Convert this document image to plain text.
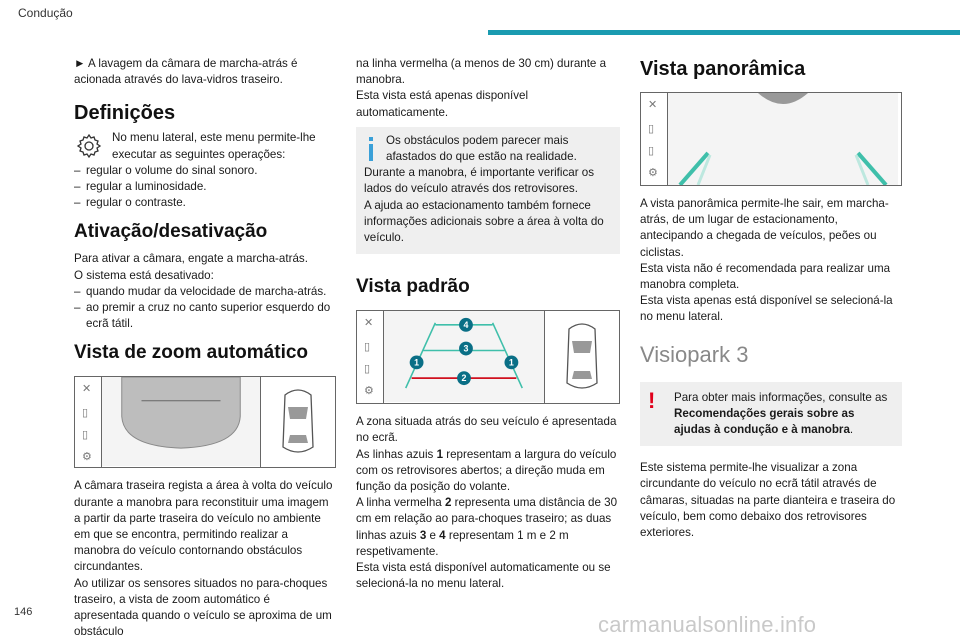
Condução

► A lavagem da câmara de marcha-atrás é acionada através do lava-vidros traseiro.

Definições

No menu lateral, este menu permite-lhe executar as seguintes operações:

– regular o volume do sinal sonoro.
– regular a luminosidade.
– regular o contraste.
Ativação/desativação

Para ativar a câmara, engate a marcha-atrás.

O sistema está desativado:

– quando mudar da velocidade de marcha-atrás.
– ao premir a cruz no canto superior esquerdo do ecrã tátil.
Vista de zoom automático
✕
▯
▯
⚙

A câmara traseira regista a área à volta do veículo durante a manobra para reconstituir uma imagem a partir da parte traseira do veículo no ambiente em que se encontra, permitindo realizar a manobra do veículo contornando obstáculos circundantes.

Ao utilizar os sensores situados no para-choques traseiro, a vista de zoom automático é apresentada quando o veículo se aproxima de um obstáculo

na linha vermelha (a menos de 30 cm) durante a manobra.

Esta vista está apenas disponível automaticamente.

Os obstáculos podem parecer mais afastados do que estão na realidade.

Durante a manobra, é importante verificar os lados do veículo através dos retrovisores.

A ajuda ao estacionamento também fornece informações adicionais sobre a área à volta do veículo.

Vista padrão
✕
▯
▯
⚙
4
3
1	1
2

A zona situada atrás do seu veículo é apresentada no ecrã.

As linhas azuis 1 representam a largura do veículo com os retrovisores abertos; a direção muda em função da posição do volante.

A linha vermelha 2 representa uma distância de 30 cm em relação ao para-choques traseiro; as duas linhas azuis 3 e 4 representam 1 m e 2 m respetivamente.

Esta vista está disponível automaticamente ou se selecioná-la no menu lateral.

Vista panorâmica
✕
▯
▯
⚙

A vista panorâmica permite-lhe sair, em marcha-atrás, de um lugar de estacionamento, antecipando a chegada de veículos, peões ou ciclistas.

Esta vista não é recomendada para realizar uma manobra completa.

Esta vista apenas está disponível se selecioná-la no menu lateral.

Visiopark 3
!	Para obter mais informações, consulte as Recomendações gerais sobre as ajudas à condução e à manobra.

Este sistema permite-lhe visualizar a zona circundante do veículo no ecrã tátil através de câmaras, situadas na parte dianteira e traseira do veículo, bem como debaixo dos retrovisores exteriores.

146	carmanualsonline.info
